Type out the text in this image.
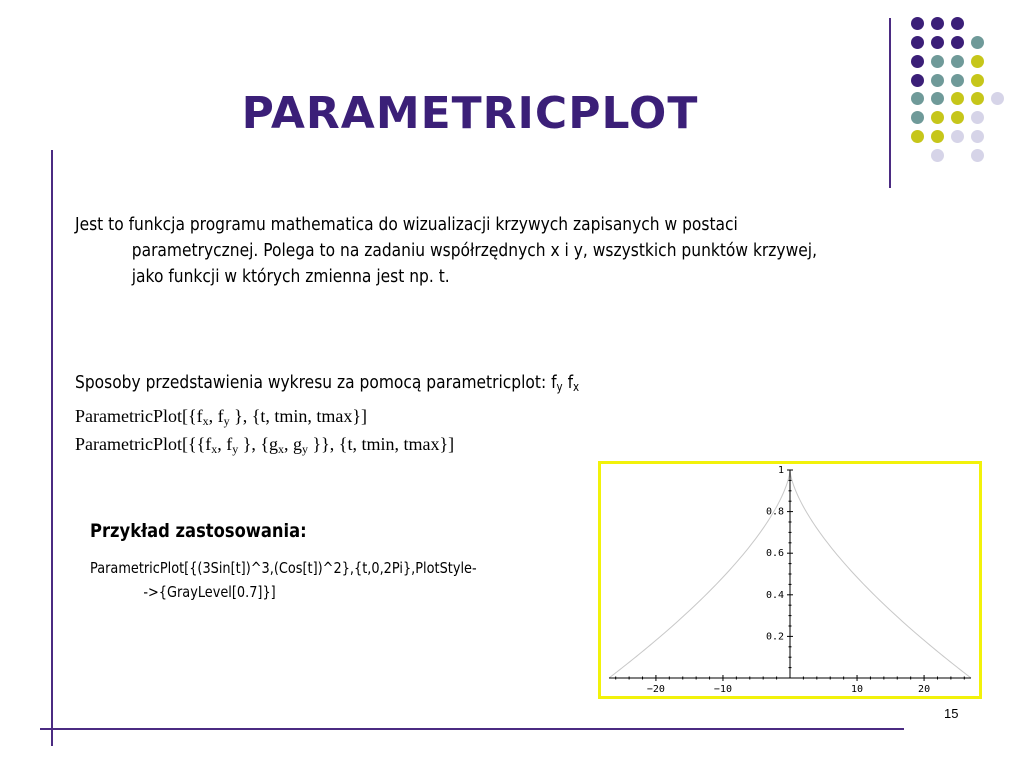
PARAMETRICPLOT
Jest to funkcja programu mathematica do wizualizacji krzywych zapisanych w postaci
parametrycznej. Polega to na zadaniu współrzędnych x i y, wszystkich punktów krzywej,
jako funkcji w których zmienna jest np. t.
Sposoby przedstawienia wykresu za pomocą parametricplot: $f_y$ $f_x$
$ParametricPlot[\{f_x$, $f_y$ }, {t, tmin, tmax}]
$ParametricPlot[\{\{f_x$, $f_y$ }, {$g_x$, $g_y$ }}, {t, tmin, tmax}]
Przykład zastosowania:
ParametricPlot[{(3Sin[t])^3,(Cos[t])^2},{t,0,2Pi},PlotStyle-
->{GrayLevel[0.7]}]
−20	−10	10	20
0.2
0.4
0.6
0.8
1
15
